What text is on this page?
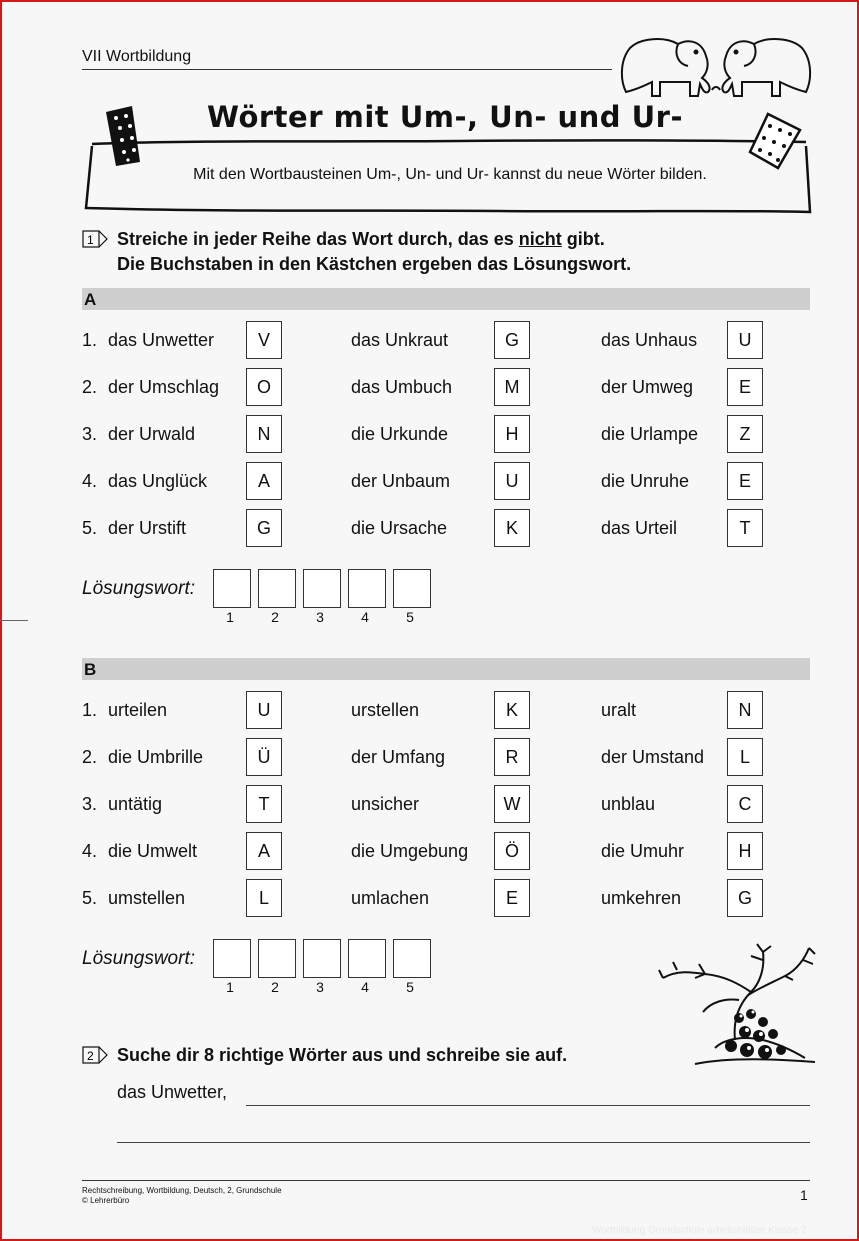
VII Wortbildung
Wörter mit Um-, Un- und Ur-
Mit den Wortbausteinen Um-, Un- und Ur- kannst du neue Wörter bilden.
1 Streiche in jeder Reihe das Wort durch, das es nicht gibt.
Die Buchstaben in den Kästchen ergeben das Lösungswort.
A
1. das Unwetter	V	das Unkraut	G	das Unhaus	U
2. der Umschlag	O	das Umbuch	M	der Umweg	E
3. der Urwald	N	die Urkunde	H	die Urlampe	Z
4. das Unglück	A	der Unbaum	U	die Unruhe	E
5. der Urstift	G	die Ursache	K	das Urteil	T
Lösungswort:
1	2	3	4	5
B
1. urteilen	U	urstellen	K	uralt	N
2. die Umbrille	Ü	der Umfang	R	der Umstand	L
3. untätig	T	unsicher	W	unblau	C
4. die Umwelt	A	die Umgebung	Ö	die Umuhr	H
5. umstellen	L	umlachen	E	umkehren	G
Lösungswort:
1	2	3	4	5
2 Suche dir 8 richtige Wörter aus und schreibe sie auf.
das Unwetter,
Rechtschreibung, Wortbildung, Deutsch, 2, Grundschule
© Lehrerbüro	1
Wortbildung Grundschule arbeitsblätter Klasse 2
